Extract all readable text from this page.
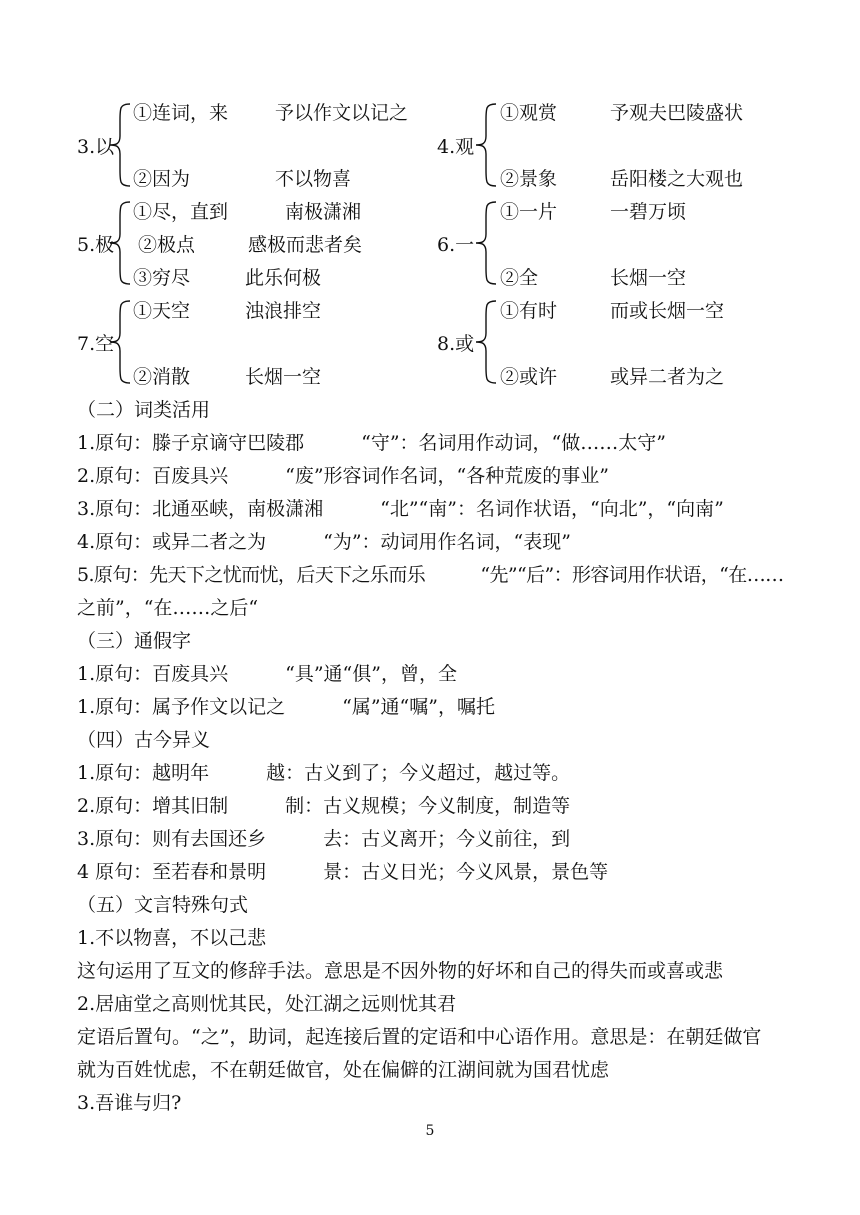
3.以
①连词，来 予以作文以记之
②因为	不以物喜
4.观
①观赏	予观夫巴陵盛状
②景象	岳阳楼之大观也
5.极
①尽，直到	南极潇湘
②极点	感极而悲者矣
③穷尽	此乐何极
6.一
①一片	一碧万顷
②全	长烟一空
7.空
①天空	浊浪排空
②消散	长烟一空
8.或
①有时	而或长烟一空
②或许	或异二者为之
（二）词类活用
1.原句：滕子京谪守巴陵郡　　　“守”：名词用作动词，“做……太守”
2.原句：百废具兴　　　“废”形容词作名词，“各种荒废的事业”
3.原句：北通巫峡，南极潇湘　　　“北”“南”：名词作状语，“向北”，“向南”
4.原句：或异二者之为　　　“为”：动词用作名词，“表现”
5.原句：先天下之忧而忧，后天下之乐而乐　　　“先”“后”：形容词用作状语，“在……
之前”，“在……之后“
（三）通假字
1.原句：百废具兴　　　“具”通“俱”，曾，全
1.原句：属予作文以记之　　　“属”通“嘱”，嘱托
（四）古今异义
1.原句：越明年　　　越：古义到了；今义超过，越过等。
2.原句：增其旧制　　　制：古义规模；今义制度，制造等
3.原句：则有去国还乡　　　去：古义离开；今义前往，到
4 原句：至若春和景明　　　景：古义日光；今义风景，景色等
（五）文言特殊句式
1.不以物喜，不以己悲
这句运用了互文的修辞手法。意思是不因外物的好坏和自己的得失而或喜或悲
2.居庙堂之高则忧其民，处江湖之远则忧其君
定语后置句。“之”，助词，起连接后置的定语和中心语作用。意思是：在朝廷做官
就为百姓忧虑，不在朝廷做官，处在偏僻的江湖间就为国君忧虑
3.吾谁与归?
5
